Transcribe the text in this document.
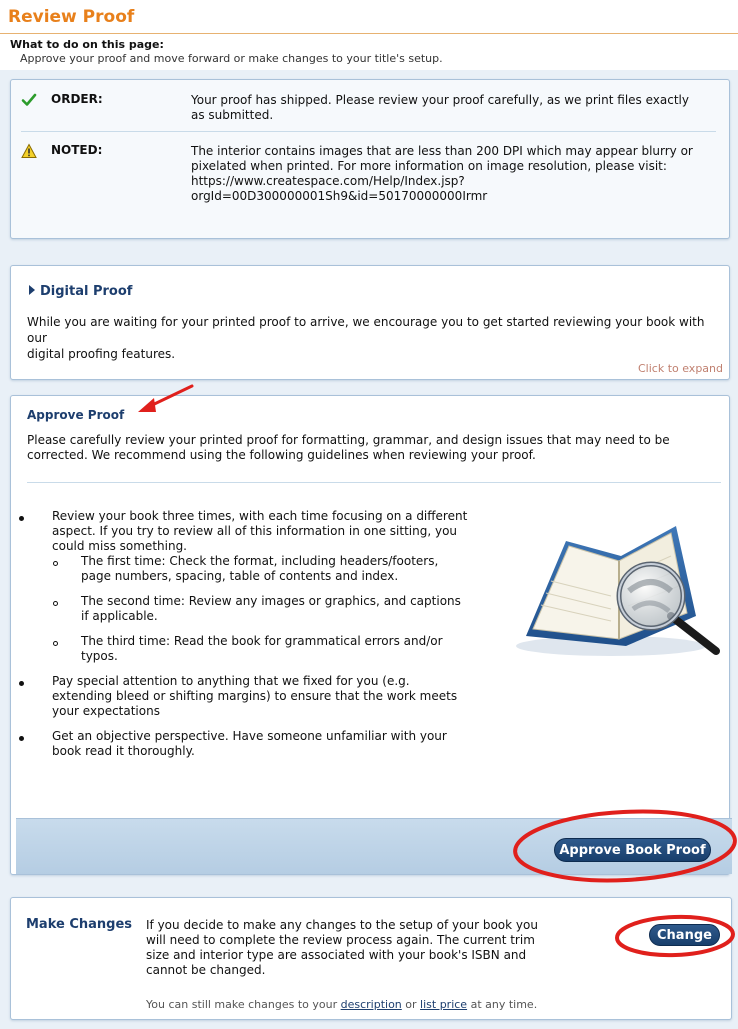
Review Proof
What to do on this page:
Approve your proof and move forward or make changes to your title's setup.
ORDER:	Your proof has shipped. Please review your proof carefully, as we print files exactly
as submitted.
NOTED:	The interior contains images that are less than 200 DPI which may appear blurry or
pixelated when printed. For more information on image resolution, please visit:
https://www.createspace.com/Help/Index.jsp?
orgId=00D300000001Sh9&id=50170000000Irmr
Digital Proof
While you are waiting for your printed proof to arrive, we encourage you to get started reviewing your book with our
digital proofing features.
Click to expand
Approve Proof
Please carefully review your printed proof for formatting, grammar, and design issues that may need to be
corrected. We recommend using the following guidelines when reviewing your proof.
Review your book three times, with each time focusing on a different
aspect. If you try to review all of this information in one sitting, you
could miss something.
The first time: Check the format, including headers/footers,
page numbers, spacing, table of contents and index.
The second time: Review any images or graphics, and captions
if applicable.
The third time: Read the book for grammatical errors and/or
typos.
Pay special attention to anything that we fixed for you (e.g.
extending bleed or shifting margins) to ensure that the work meets
your expectations
Get an objective perspective. Have someone unfamiliar with your
book read it thoroughly.
Approve Book Proof
Make Changes If you decide to make any changes to the setup of your book you
will need to complete the review process again. The current trim
size and interior type are associated with your book's ISBN and
cannot be changed.
Change
You can still make changes to your description or list price at any time.
